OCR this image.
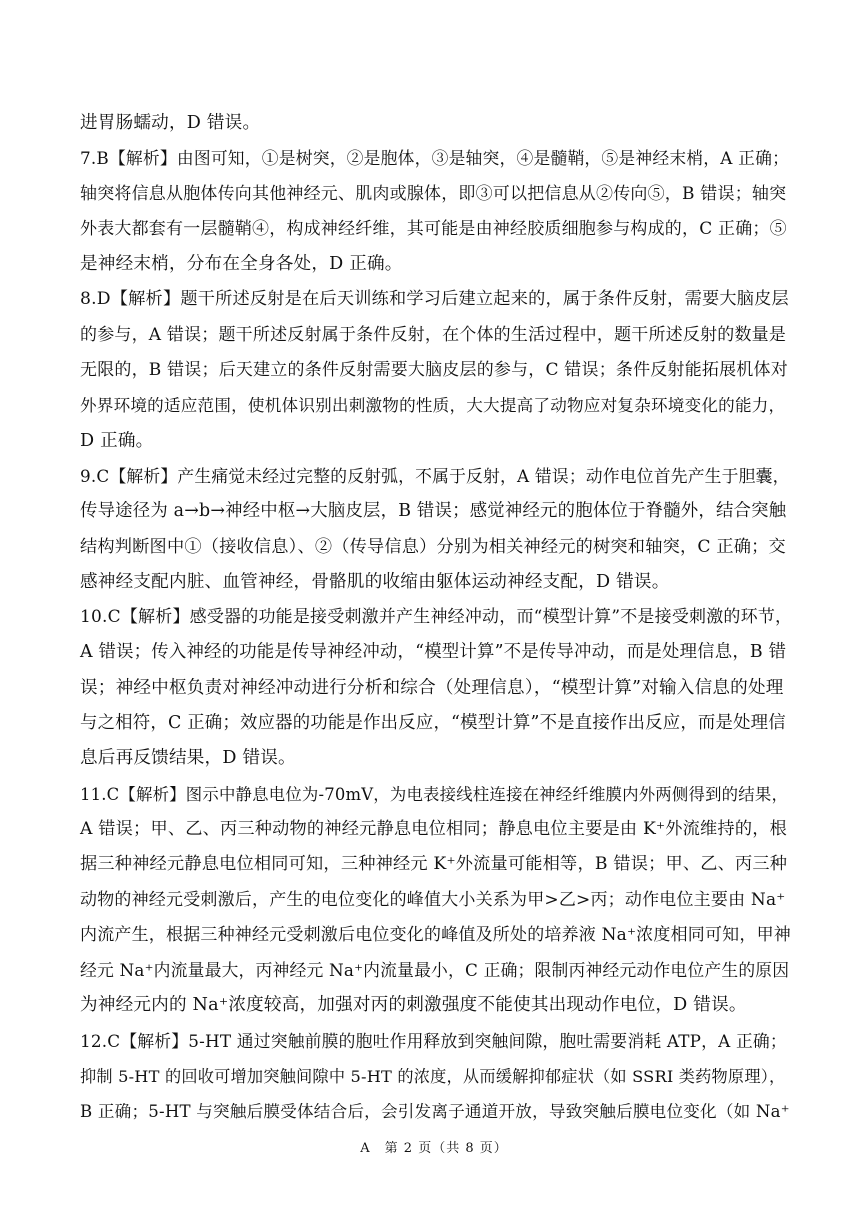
进胃肠蠕动，D 错误。
7.B【解析】由图可知，①是树突，②是胞体，③是轴突，④是髓鞘，⑤是神经末梢，A 正确；
轴突将信息从胞体传向其他神经元、肌肉或腺体，即③可以把信息从②传向⑤，B 错误；轴突
外表大都套有一层髓鞘④，构成神经纤维，其可能是由神经胶质细胞参与构成的，C 正确；⑤
是神经末梢，分布在全身各处，D 正确。
8.D【解析】题干所述反射是在后天训练和学习后建立起来的，属于条件反射，需要大脑皮层
的参与，A 错误；题干所述反射属于条件反射，在个体的生活过程中，题干所述反射的数量是
无限的，B 错误；后天建立的条件反射需要大脑皮层的参与，C 错误；条件反射能拓展机体对
外界环境的适应范围，使机体识别出刺激物的性质，大大提高了动物应对复杂环境变化的能力，
D 正确。
9.C【解析】产生痛觉未经过完整的反射弧，不属于反射，A 错误；动作电位首先产生于胆囊，
传导途径为 a→b→神经中枢→大脑皮层，B 错误；感觉神经元的胞体位于脊髓外，结合突触
结构判断图中①（接收信息）、②（传导信息）分别为相关神经元的树突和轴突，C 正确；交
感神经支配内脏、血管神经，骨骼肌的收缩由躯体运动神经支配，D 错误。
10.C【解析】感受器的功能是接受刺激并产生神经冲动，而“模型计算”不是接受刺激的环节，
A 错误；传入神经的功能是传导神经冲动，“模型计算”不是传导冲动，而是处理信息，B 错
误；神经中枢负责对神经冲动进行分析和综合（处理信息），“模型计算”对输入信息的处理
与之相符，C 正确；效应器的功能是作出反应，“模型计算”不是直接作出反应，而是处理信
息后再反馈结果，D 错误。
11.C【解析】图示中静息电位为-70mV，为电表接线柱连接在神经纤维膜内外两侧得到的结果，
A 错误；甲、乙、丙三种动物的神经元静息电位相同；静息电位主要是由 K⁺外流维持的，根
据三种神经元静息电位相同可知，三种神经元 K⁺外流量可能相等，B 错误；甲、乙、丙三种
动物的神经元受刺激后，产生的电位变化的峰值大小关系为甲>乙>丙；动作电位主要由 Na⁺
内流产生，根据三种神经元受刺激后电位变化的峰值及所处的培养液 Na⁺浓度相同可知，甲神
经元 Na⁺内流量最大，丙神经元 Na⁺内流量最小，C 正确；限制丙神经元动作电位产生的原因
为神经元内的 Na⁺浓度较高，加强对丙的刺激强度不能使其出现动作电位，D 错误。
12.C【解析】5-HT 通过突触前膜的胞吐作用释放到突触间隙，胞吐需要消耗 ATP，A 正确；
抑制 5-HT 的回收可增加突触间隙中 5-HT 的浓度，从而缓解抑郁症状（如 SSRI 类药物原理），
B 正确；5-HT 与突触后膜受体结合后，会引发离子通道开放，导致突触后膜电位变化（如 Na⁺
A　第 2 页（共 8 页）
